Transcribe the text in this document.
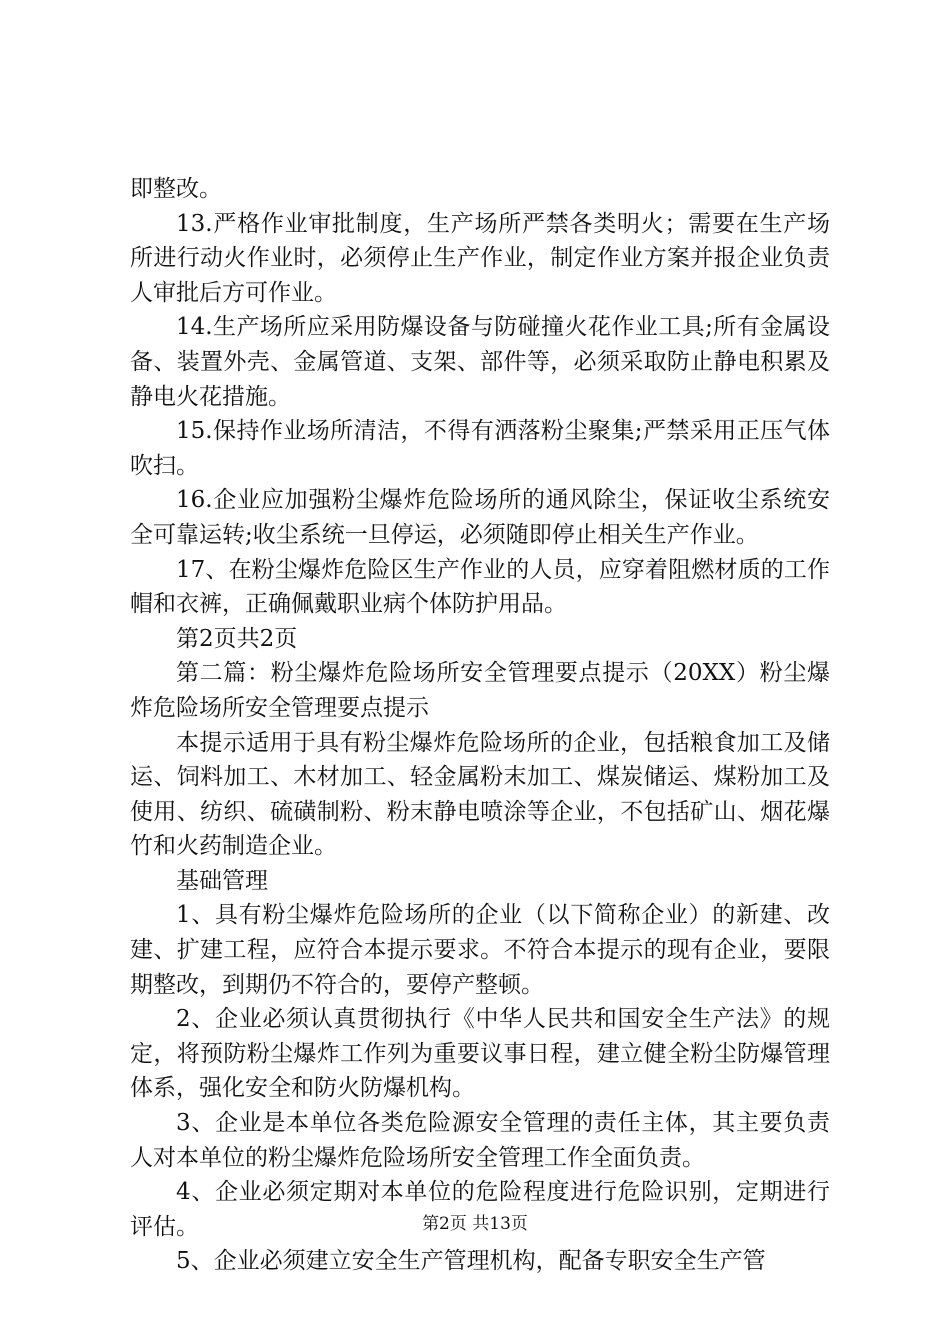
即整改。

13.严格作业审批制度，生产场所严禁各类明火；需要在生产场所进行动火作业时，必须停止生产作业，制定作业方案并报企业负责人审批后方可作业。

14.生产场所应采用防爆设备与防碰撞火花作业工具;所有金属设备、装置外壳、金属管道、支架、部件等，必须采取防止静电积累及静电火花措施。

15.保持作业场所清洁，不得有洒落粉尘聚集;严禁采用正压气体吹扫。

16.企业应加强粉尘爆炸危险场所的通风除尘，保证收尘系统安全可靠运转;收尘系统一旦停运，必须随即停止相关生产作业。

17、在粉尘爆炸危险区生产作业的人员，应穿着阻燃材质的工作帽和衣裤，正确佩戴职业病个体防护用品。

第2页共2页

第二篇：粉尘爆炸危险场所安全管理要点提示（20XX）粉尘爆炸危险场所安全管理要点提示

本提示适用于具有粉尘爆炸危险场所的企业，包括粮食加工及储运、饲料加工、木材加工、轻金属粉末加工、煤炭储运、煤粉加工及使用、纺织、硫磺制粉、粉末静电喷涂等企业，不包括矿山、烟花爆竹和火药制造企业。

基础管理

1、具有粉尘爆炸危险场所的企业（以下简称企业）的新建、改建、扩建工程，应符合本提示要求。不符合本提示的现有企业，要限期整改，到期仍不符合的，要停产整顿。

2、企业必须认真贯彻执行《中华人民共和国安全生产法》的规定，将预防粉尘爆炸工作列为重要议事日程，建立健全粉尘防爆管理体系，强化安全和防火防爆机构。

3、企业是本单位各类危险源安全管理的责任主体，其主要负责人对本单位的粉尘爆炸危险场所安全管理工作全面负责。

4、企业必须定期对本单位的危险程度进行危险识别，定期进行评估。

5、企业必须建立安全生产管理机构，配备专职安全生产管

第2页 共13页
